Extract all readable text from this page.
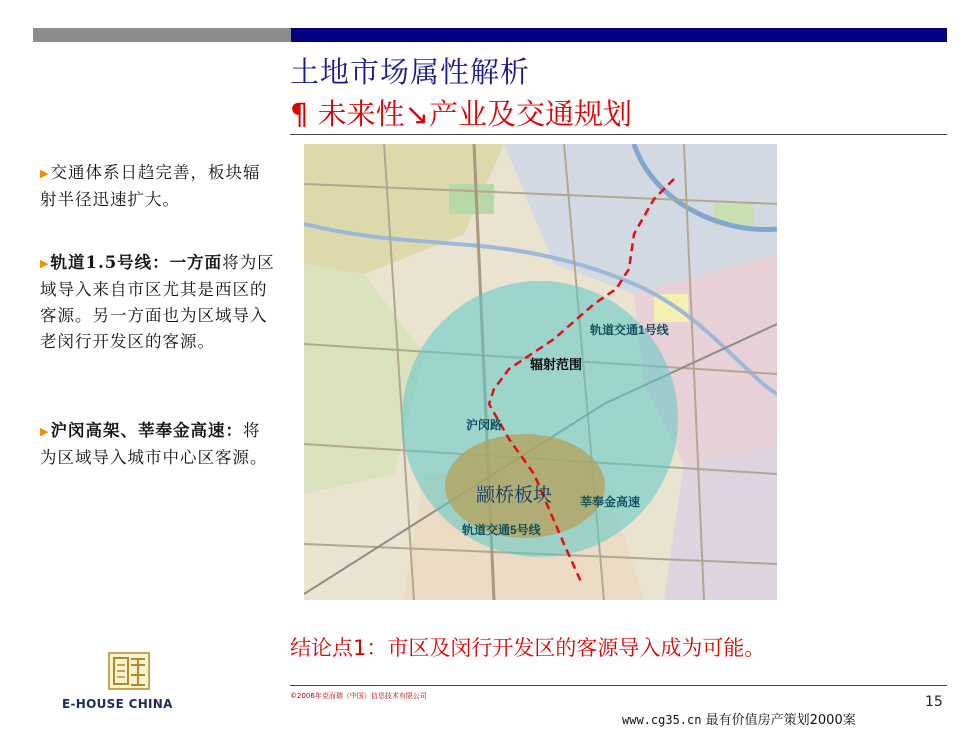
土地市场属性解析
¶ 未来性↘产业及交通规划
▶交通体系日趋完善，板块辐射半径迅速扩大。
▶轨道1.5号线：一方面将为区域导入来自市区尤其是西区的客源。另一方面也为区域导入老闵行开发区的客源。
▶沪闵高架、莘奉金高速：将为区域导入城市中心区客源。
轨道交通1号线
辐射范围
沪闵路
颛桥板块 莘奉金高速
轨道交通5号线
结论点1：市区及闵行开发区的客源导入成为可能。
©2006年克而瑞（中国）信息技术有限公司	15
www.cg35.cn 最有价值房产策划2000案
E-HOUSE CHINA
